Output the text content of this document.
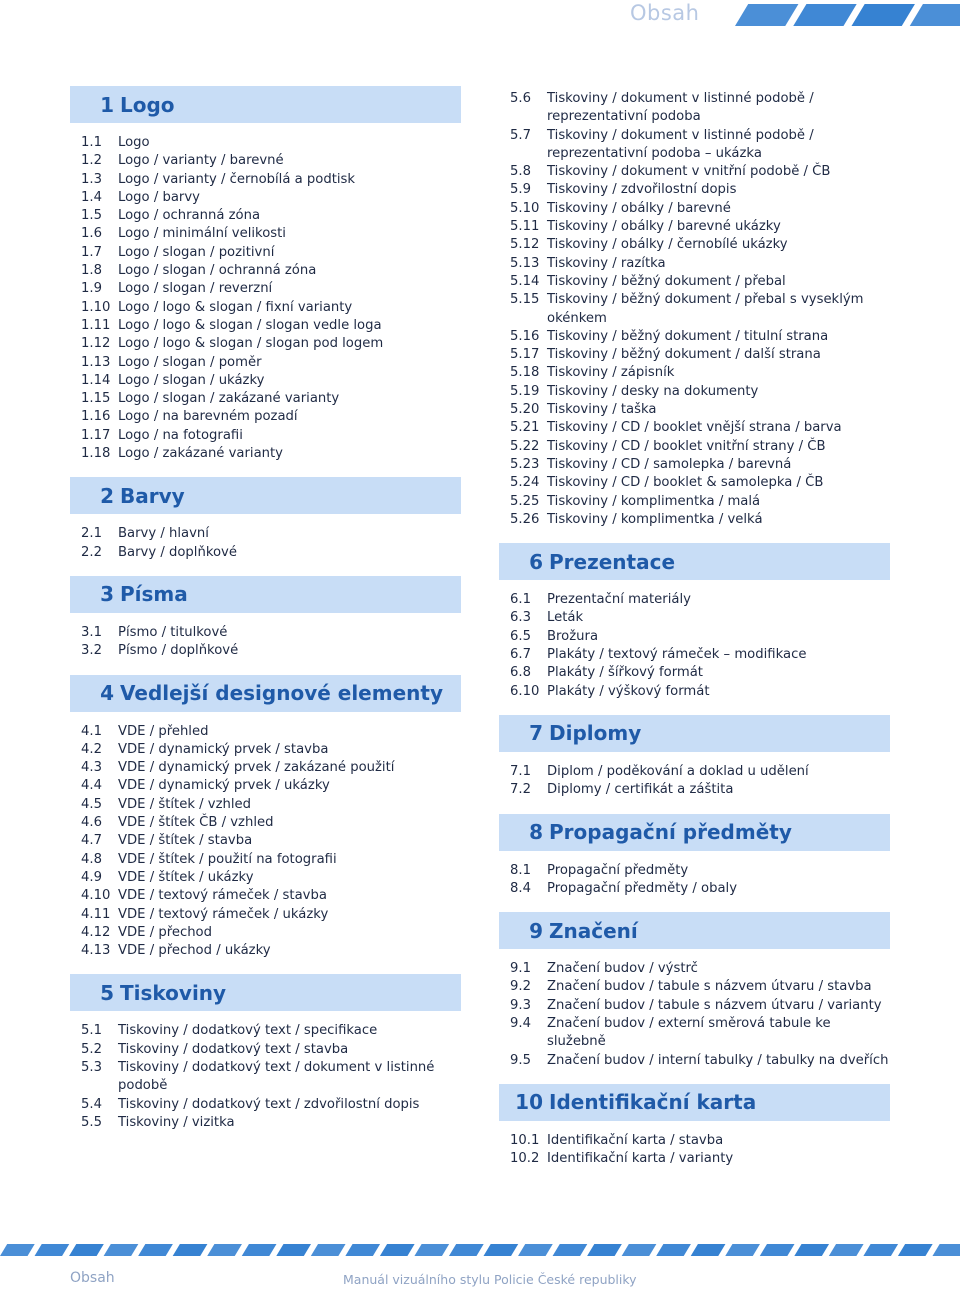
Obsah
1 Logo
1.1	Logo
1.2	Logo / varianty / barevné
1.3	Logo / varianty / černobílá a podtisk
1.4	Logo / barvy
1.5	Logo / ochranná zóna
1.6	Logo / minimální velikosti
1.7	Logo / slogan / pozitivní
1.8	Logo / slogan / ochranná zóna
1.9	Logo / slogan / reverzní
1.10 Logo / logo & slogan / fixní varianty
1.11 Logo / logo & slogan / slogan vedle loga
1.12 Logo / logo & slogan / slogan pod logem
1.13 Logo / slogan / poměr
1.14 Logo / slogan / ukázky
1.15 Logo / slogan / zakázané varianty
1.16 Logo / na barevném pozadí
1.17 Logo / na fotografii
1.18 Logo / zakázané varianty
2 Barvy
2.1	Barvy / hlavní
2.2	Barvy / doplňkové
3 Písma
3.1	Písmo / titulkové
3.2	Písmo / doplňkové
4 Vedlejší designové elementy
4.1	VDE / přehled
4.2	VDE / dynamický prvek / stavba
4.3	VDE / dynamický prvek / zakázané použití
4.4	VDE / dynamický prvek / ukázky
4.5	VDE / štítek / vzhled
4.6	VDE / štítek ČB / vzhled
4.7	VDE / štítek / stavba
4.8	VDE / štítek / použití na fotografii
4.9	VDE / štítek / ukázky
4.10 VDE / textový rámeček / stavba
4.11 VDE / textový rámeček / ukázky
4.12 VDE / přechod
4.13 VDE / přechod / ukázky
5 Tiskoviny
5.1	Tiskoviny / dodatkový text / specifikace
5.2	Tiskoviny / dodatkový text / stavba
5.3	Tiskoviny / dodatkový text / dokument v listinné podobě
5.4	Tiskoviny / dodatkový text / zdvořilostní dopis
5.5	Tiskoviny / vizitka
5.6	Tiskoviny / dokument v listinné podobě / reprezentativní podoba
5.7	Tiskoviny / dokument v listinné podobě / reprezentativní podoba – ukázka
5.8	Tiskoviny / dokument v vnitřní podobě / ČB
5.9	Tiskoviny / zdvořilostní dopis
5.10 Tiskoviny / obálky / barevné
5.11 Tiskoviny / obálky / barevné ukázky
5.12 Tiskoviny / obálky / černobílé ukázky
5.13 Tiskoviny / razítka
5.14 Tiskoviny / běžný dokument / přebal
5.15 Tiskoviny / běžný dokument / přebal s vyseklým okénkem
5.16 Tiskoviny / běžný dokument / titulní strana
5.17 Tiskoviny / běžný dokument / další strana
5.18 Tiskoviny / zápisník
5.19 Tiskoviny / desky na dokumenty
5.20 Tiskoviny / taška
5.21 Tiskoviny / CD / booklet vnější strana / barva
5.22 Tiskoviny / CD / booklet vnitřní strany / ČB
5.23 Tiskoviny / CD / samolepka / barevná
5.24 Tiskoviny / CD / booklet & samolepka / ČB
5.25 Tiskoviny / komplimentka / malá
5.26 Tiskoviny / komplimentka / velká
6 Prezentace
6.1	Prezentační materiály
6.3	Leták
6.5	Brožura
6.7	Plakáty / textový rámeček – modifikace
6.8	Plakáty / šířkový formát
6.10 Plakáty / výškový formát
7 Diplomy
7.1	Diplom / poděkování a doklad u udělení
7.2	Diplomy / certifikát a záštita
8 Propagační předměty
8.1	Propagační předměty
8.4	Propagační předměty / obaly
9 Značení
9.1	Značení budov / výstrč
9.2	Značení budov / tabule s názvem útvaru / stavba
9.3	Značení budov / tabule s názvem útvaru / varianty
9.4	Značení budov / externí směrová tabule ke služebně
9.5	Značení budov / interní tabulky / tabulky na dveřích
10 Identifikační karta
10.1 Identifikační karta / stavba
10.2 Identifikační karta / varianty
Obsah	Manuál vizuálního stylu Policie České republiky
